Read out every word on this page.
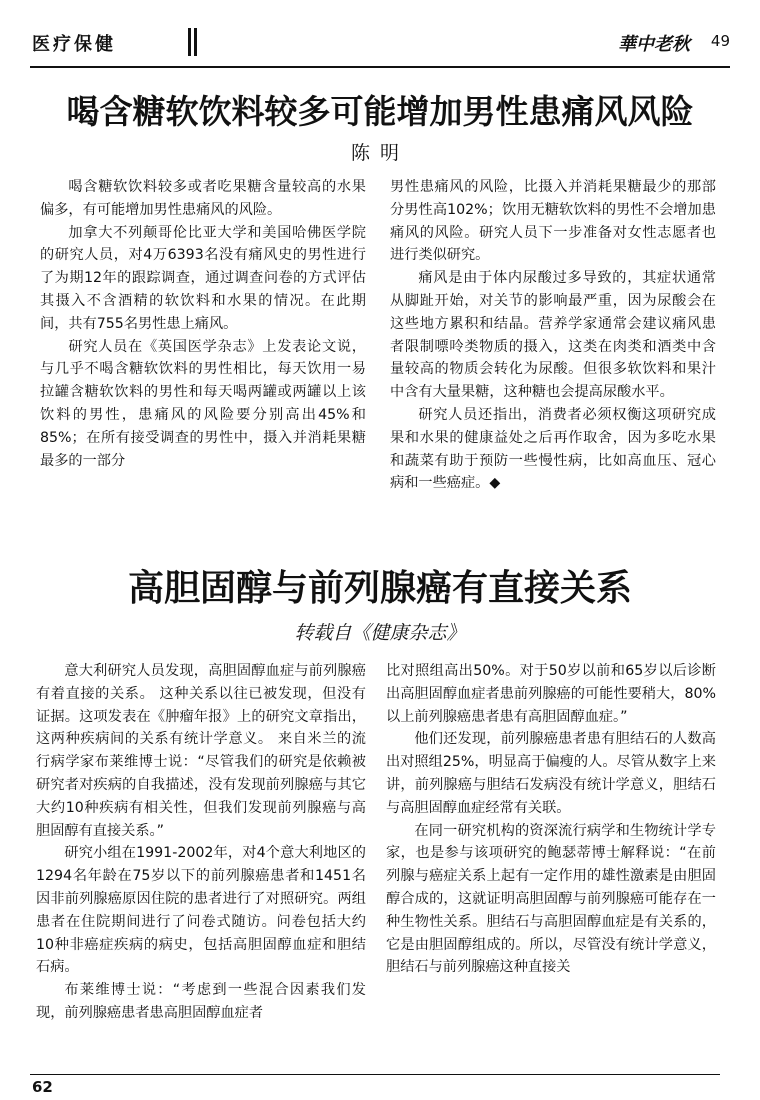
医疗保健	華中老秋 49
喝含糖软饮料较多可能增加男性患痛风风险
陈明

喝含糖软饮料较多或者吃果糖含量较高的水果偏多，有可能增加男性患痛风的风险。

加拿大不列颠哥伦比亚大学和美国哈佛医学院的研究人员，对4万6393名没有痛风史的男性进行了为期12年的跟踪调查，通过调查问卷的方式评估其摄入不含酒精的软饮料和水果的情况。在此期间，共有755名男性患上痛风。

研究人员在《英国医学杂志》上发表论文说，与几乎不喝含糖软饮料的男性相比，每天饮用一易拉罐含糖软饮料的男性和每天喝两罐或两罐以上该饮料的男性，患痛风的风险要分别高出45%和85%；在所有接受调查的男性中，摄入并消耗果糖最多的一部分

男性患痛风的风险，比摄入并消耗果糖最少的那部分男性高102%；饮用无糖软饮料的男性不会增加患痛风的风险。研究人员下一步准备对女性志愿者也进行类似研究。

痛风是由于体内尿酸过多导致的，其症状通常从脚趾开始，对关节的影响最严重，因为尿酸会在这些地方累积和结晶。营养学家通常会建议痛风患者限制嘌呤类物质的摄入，这类在肉类和酒类中含量较高的物质会转化为尿酸。但很多软饮料和果汁中含有大量果糖，这种糖也会提高尿酸水平。

研究人员还指出，消费者必须权衡这项研究成果和水果的健康益处之后再作取舍，因为多吃水果和蔬菜有助于预防一些慢性病，比如高血压、冠心病和一些癌症。◆

高胆固醇与前列腺癌有直接关系
转载自《健康杂志》

意大利研究人员发现，高胆固醇血症与前列腺癌有着直接的关系。 这种关系以往已被发现，但没有证据。这项发表在《肿瘤年报》上的研究文章指出，这两种疾病间的关系有统计学意义。 来自米兰的流行病学家布莱维博士说：“尽管我们的研究是依赖被研究者对疾病的自我描述，没有发现前列腺癌与其它大约10种疾病有相关性，但我们发现前列腺癌与高胆固醇有直接关系。”

研究小组在1991-2002年，对4个意大利地区的1294名年龄在75岁以下的前列腺癌患者和1451名因非前列腺癌原因住院的患者进行了对照研究。两组患者在住院期间进行了问卷式随访。问卷包括大约10种非癌症疾病的病史，包括高胆固醇血症和胆结石病。

布莱维博士说：“考虑到一些混合因素我们发现，前列腺癌患者患高胆固醇血症者

比对照组高出50%。对于50岁以前和65岁以后诊断出高胆固醇血症者患前列腺癌的可能性要稍大，80%以上前列腺癌患者患有高胆固醇血症。”

他们还发现，前列腺癌患者患有胆结石的人数高出对照组25%，明显高于偏瘦的人。尽管从数字上来讲，前列腺癌与胆结石发病没有统计学意义，胆结石与高胆固醇血症经常有关联。

在同一研究机构的资深流行病学和生物统计学专家，也是参与该项研究的鲍瑟蒂博士解释说：“在前列腺与癌症关系上起有一定作用的雄性激素是由胆固醇合成的，这就证明高胆固醇与前列腺癌可能存在一种生物性关系。胆结石与高胆固醇血症是有关系的，它是由胆固醇组成的。所以，尽管没有统计学意义，胆结石与前列腺癌这种直接关

62
